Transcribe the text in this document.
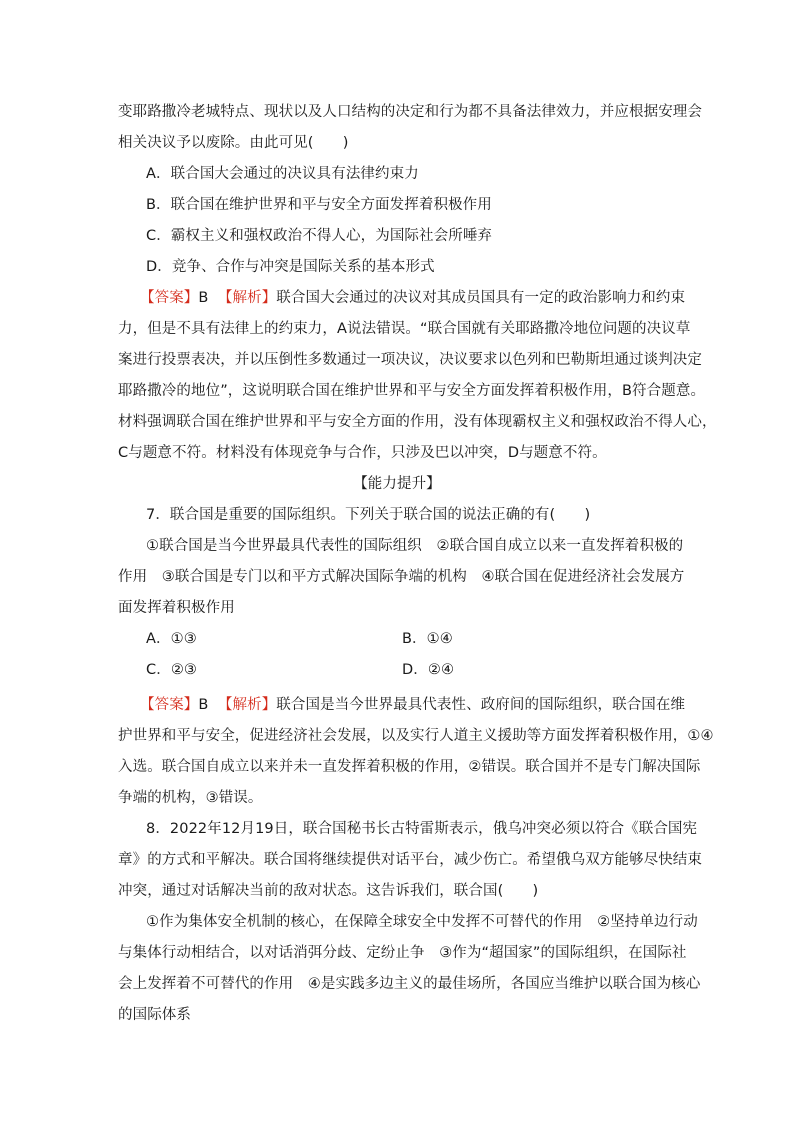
变耶路撒冷老城特点、现状以及人口结构的决定和行为都不具备法律效力，并应根据安理会
相关决议予以废除。由此可见(　　)
A．联合国大会通过的决议具有法律约束力
B．联合国在维护世界和平与安全方面发挥着积极作用
C．霸权主义和强权政治不得人心，为国际社会所唾弃
D．竞争、合作与冲突是国际关系的基本形式
【答案】B 【解析】联合国大会通过的决议对其成员国具有一定的政治影响力和约束
力，但是不具有法律上的约束力，A说法错误。“联合国就有关耶路撒冷地位问题的决议草
案进行投票表决，并以压倒性多数通过一项决议，决议要求以色列和巴勒斯坦通过谈判决定
耶路撒冷的地位”，这说明联合国在维护世界和平与安全方面发挥着积极作用，B符合题意。
材料强调联合国在维护世界和平与安全方面的作用，没有体现霸权主义和强权政治不得人心，
C与题意不符。材料没有体现竞争与合作，只涉及巴以冲突，D与题意不符。
【能力提升】
7．联合国是重要的国际组织。下列关于联合国的说法正确的有(　　)
①联合国是当今世界最具代表性的国际组织　②联合国自成立以来一直发挥着积极的
作用　③联合国是专门以和平方式解决国际争端的机构　④联合国在促进经济社会发展方
面发挥着积极作用
A．①③	B．①④
C．②③	D．②④
【答案】B 【解析】联合国是当今世界最具代表性、政府间的国际组织，联合国在维
护世界和平与安全，促进经济社会发展，以及实行人道主义援助等方面发挥着积极作用，①④
入选。联合国自成立以来并未一直发挥着积极的作用，②错误。联合国并不是专门解决国际
争端的机构，③错误。
8．2022年12月19日，联合国秘书长古特雷斯表示，俄乌冲突必须以符合《联合国宪
章》的方式和平解决。联合国将继续提供对话平台，减少伤亡。希望俄乌双方能够尽快结束
冲突，通过对话解决当前的敌对状态。这告诉我们，联合国(　　)
①作为集体安全机制的核心，在保障全球安全中发挥不可替代的作用　②坚持单边行动
与集体行动相结合，以对话消弭分歧、定纷止争　③作为“超国家”的国际组织，在国际社
会上发挥着不可替代的作用　④是实践多边主义的最佳场所，各国应当维护以联合国为核心
的国际体系
